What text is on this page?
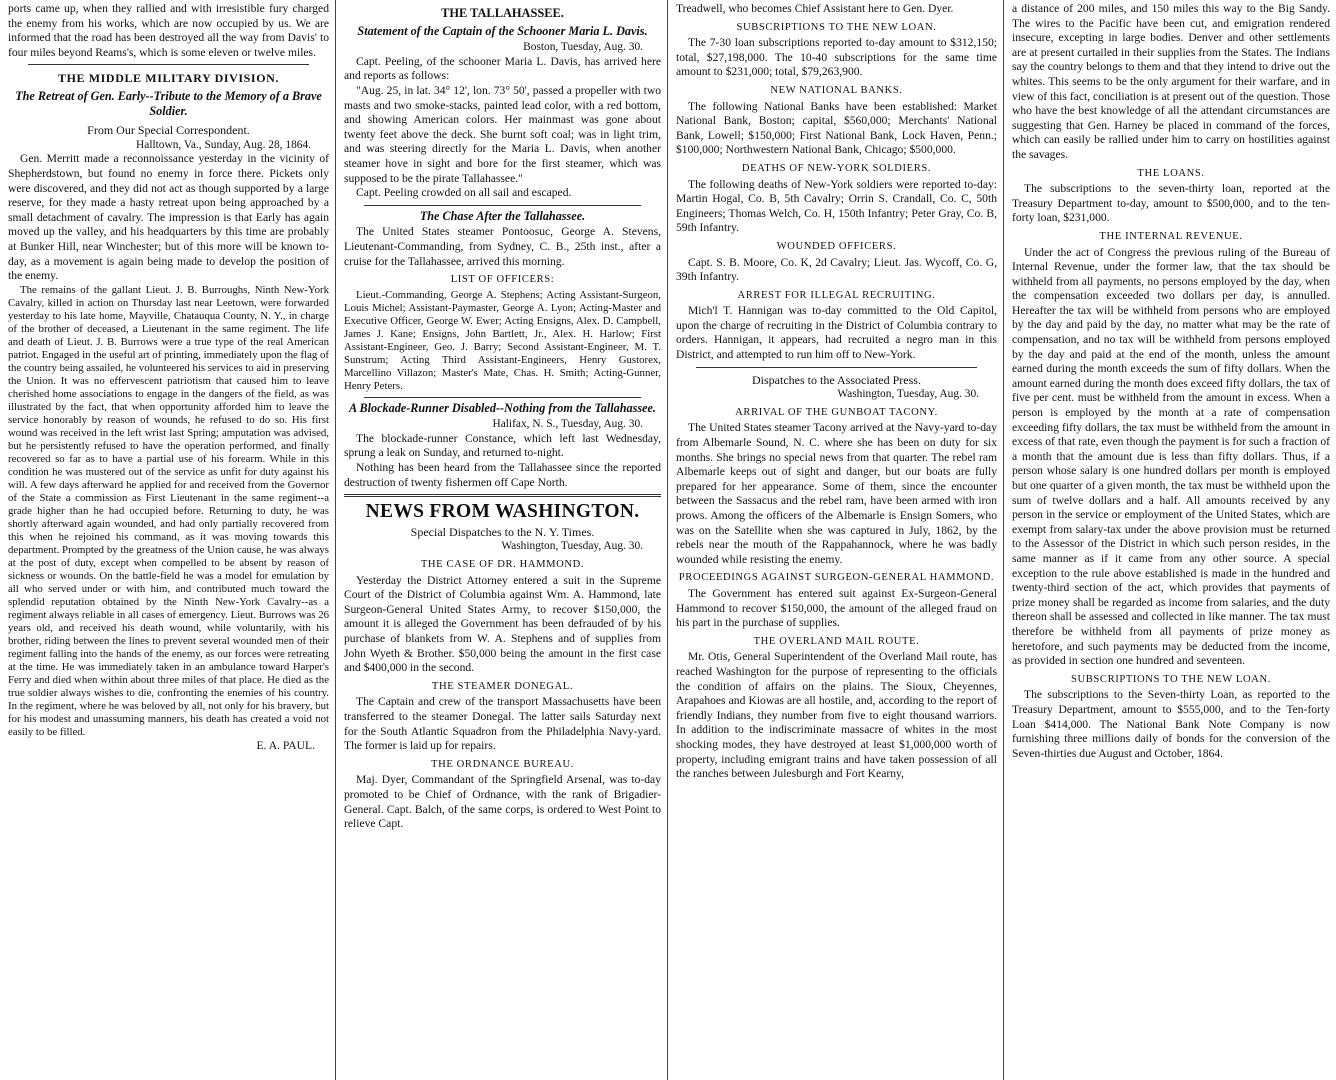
ports came up, when they rallied and with irresistible fury charged the enemy from his works, which are now occupied by us. We are informed that the road has been destroyed all the way from Davis' to four miles beyond Reams's, which is some eleven or twelve miles.

THE MIDDLE MILITARY DIVISION.
The Retreat of Gen. Early--Tribute to the Memory of a Brave Soldier.
From Our Special Correspondent.
Halltown, Va., Sunday, Aug. 28, 1864.

Gen. Merritt made a reconnoissance yesterday in the vicinity of Shepherdstown, but found no enemy in force there. Pickets only were discovered, and they did not act as though supported by a large reserve, for they made a hasty retreat upon being approached by a small detachment of cavalry. The impression is that Early has again moved up the valley, and his headquarters by this time are probably at Bunker Hill, near Winchester; but of this more will be known to-day, as a movement is again being made to develop the position of the enemy.

The remains of the gallant Lieut. J. B. Burroughs, Ninth New-York Cavalry, killed in action on Thursday last near Leetown, were forwarded yesterday to his late home, Mayville, Chatauqua County, N. Y., in charge of the brother of deceased, a Lieutenant in the same regiment. The life and death of Lieut. J. B. Burrows were a true type of the real American patriot. Engaged in the useful art of printing, immediately upon the flag of the country being assailed, he volunteered his services to aid in preserving the Union. It was no effervescent patriotism that caused him to leave cherished home associations to engage in the dangers of the field, as was illustrated by the fact, that when opportunity afforded him to leave the service honorably by reason of wounds, he refused to do so. His first wound was received in the left wrist last Spring; amputation was advised, but he persistently refused to have the operation performed, and finally recovered so far as to have a partial use of his forearm. While in this condition he was mustered out of the service as unfit for duty against his will. A few days afterward he applied for and received from the Governor of the State a commission as First Lieutenant in the same regiment--a grade higher than he had occupied before. Returning to duty, he was shortly afterward again wounded, and had only partially recovered from this when he rejoined his command, as it was moving towards this department. Prompted by the greatness of the Union cause, he was always at the post of duty, except when compelled to be absent by reason of sickness or wounds. On the battle-field he was a model for emulation by all who served under or with him, and contributed much toward the splendid reputation obtained by the Ninth New-York Cavalry--as a regiment always reliable in all cases of emergency. Lieut. Burrows was 26 years old, and received his death wound, while voluntarily, with his brother, riding between the lines to prevent several wounded men of their regiment falling into the hands of the enemy, as our forces were retreating at the time. He was immediately taken in an ambulance toward Harper's Ferry and died when within about three miles of that place. He died as the true soldier always wishes to die, confronting the enemies of his country. In the regiment, where he was beloved by all, not only for his bravery, but for his modest and unassuming manners, his death has created a void not easily to be filled.

E. A. PAUL.
THE TALLAHASSEE.
Statement of the Captain of the Schooner Maria L. Davis.
Boston, Tuesday, Aug. 30.

Capt. Peeling, of the schooner Maria L. Davis, has arrived here and reports as follows:

"Aug. 25, in lat. 34° 12', lon. 73° 50', passed a propeller with two masts and two smoke-stacks, painted lead color, with a red bottom, and showing American colors. Her mainmast was gone about twenty feet above the deck. She burnt soft coal; was in light trim, and was steering directly for the Maria L. Davis, when another steamer hove in sight and bore for the first steamer, which was supposed to be the pirate Tallahassee."

Capt. Peeling crowded on all sail and escaped.

The Chase After the Tallahassee.

The United States steamer Pontoosuc, George A. Stevens, Lieutenant-Commanding, from Sydney, C. B., 25th inst., after a cruise for the Tallahassee, arrived this morning.

LIST OF OFFICERS:

Lieut.-Commanding, George A. Stephens; Acting Assistant-Surgeon, Louis Michel; Assistant-Paymaster, George A. Lyon; Acting-Master and Executive Officer, George W. Ewer; Acting Ensigns, Alex. D. Campbell, James J. Kane; Ensigns, John Bartlett, Jr., Alex. H. Harlow; First Assistant-Engineer, Geo. J. Barry; Second Assistant-Engineer, M. T. Sunstrum; Acting Third Assistant-Engineers, Henry Gustorex, Marcellino Villazon; Master's Mate, Chas. H. Smith; Acting-Gunner, Henry Peters.

A Blockade-Runner Disabled--Nothing from the Tallahassee.
Halifax, N. S., Tuesday, Aug. 30.

The blockade-runner Constance, which left last Wednesday, sprung a leak on Sunday, and returned to-night.

Nothing has been heard from the Tallahassee since the reported destruction of twenty fishermen off Cape North.

NEWS FROM WASHINGTON.
Special Dispatches to the N. Y. Times.
Washington, Tuesday, Aug. 30.
THE CASE OF DR. HAMMOND.

Yesterday the District Attorney entered a suit in the Supreme Court of the District of Columbia against Wm. A. Hammond, late Surgeon-General United States Army, to recover $150,000, the amount it is alleged the Government has been defrauded of by his purchase of blankets from W. A. Stephens and of supplies from John Wyeth & Brother. $50,000 being the amount in the first case and $400,000 in the second.

THE STEAMER DONEGAL.

The Captain and crew of the transport Massachusetts have been transferred to the steamer Donegal. The latter sails Saturday next for the South Atlantic Squadron from the Philadelphia Navy-yard. The former is laid up for repairs.

THE ORDNANCE BUREAU.

Maj. Dyer, Commandant of the Springfield Arsenal, was to-day promoted to be Chief of Ordnance, with the rank of Brigadier-General. Capt. Balch, of the same corps, is ordered to West Point to relieve Capt.

Treadwell, who becomes Chief Assistant here to Gen. Dyer.

SUBSCRIPTIONS TO THE NEW LOAN.

The 7-30 loan subscriptions reported to-day amount to $312,150; total, $27,198,000. The 10-40 subscriptions for the same time amount to $231,000; total, $79,263,900.

NEW NATIONAL BANKS.

The following National Banks have been established: Market National Bank, Boston; capital, $560,000; Merchants' National Bank, Lowell; $150,000; First National Bank, Lock Haven, Penn.; $100,000; Northwestern National Bank, Chicago; $500,000.

DEATHS OF NEW-YORK SOLDIERS.

The following deaths of New-York soldiers were reported to-day: Martin Hogal, Co. B, 5th Cavalry; Orrin S. Crandall, Co. C, 50th Engineers; Thomas Welch, Co. H, 150th Infantry; Peter Gray, Co. B, 59th Infantry.

WOUNDED OFFICERS.

Capt. S. B. Moore, Co. K, 2d Cavalry; Lieut. Jas. Wycoff, Co. G, 39th Infantry.

ARREST FOR ILLEGAL RECRUITING.

Mich'l T. Hannigan was to-day committed to the Old Capitol, upon the charge of recruiting in the District of Columbia contrary to orders. Hannigan, it appears, had recruited a negro man in this District, and attempted to run him off to New-York.

Dispatches to the Associated Press.
Washington, Tuesday, Aug. 30.
ARRIVAL OF THE GUNBOAT TACONY.

The United States steamer Tacony arrived at the Navy-yard to-day from Albemarle Sound, N. C. where she has been on duty for six months. She brings no special news from that quarter. The rebel ram Albemarle keeps out of sight and danger, but our boats are fully prepared for her appearance. Some of them, since the encounter between the Sassacus and the rebel ram, have been armed with iron prows. Among the officers of the Albemarle is Ensign Somers, who was on the Satellite when she was captured in July, 1862, by the rebels near the mouth of the Rappahannock, where he was badly wounded while resisting the enemy.

PROCEEDINGS AGAINST SURGEON-GENERAL HAMMOND.

The Government has entered suit against Ex-Surgeon-General Hammond to recover $150,000, the amount of the alleged fraud on his part in the purchase of supplies.

THE OVERLAND MAIL ROUTE.

Mr. Otis, General Superintendent of the Overland Mail route, has reached Washington for the purpose of representing to the officials the condition of affairs on the plains. The Sioux, Cheyennes, Arapahoes and Kiowas are all hostile, and, according to the report of friendly Indians, they number from five to eight thousand warriors. In addition to the indiscriminate massacre of whites in the most shocking modes, they have destroyed at least $1,000,000 worth of property, including emigrant trains and have taken possession of all the ranches between Julesburgh and Fort Kearny,

a distance of 200 miles, and 150 miles this way to the Big Sandy. The wires to the Pacific have been cut, and emigration rendered insecure, excepting in large bodies. Denver and other settlements are at present curtailed in their supplies from the States. The Indians say the country belongs to them and that they intend to drive out the whites. This seems to be the only argument for their warfare, and in view of this fact, conciliation is at present out of the question. Those who have the best knowledge of all the attendant circumstances are suggesting that Gen. Harney be placed in command of the forces, which can easily be rallied under him to carry on hostilities against the savages.

THE LOANS.

The subscriptions to the seven-thirty loan, reported at the Treasury Department to-day, amount to $500,000, and to the ten-forty loan, $231,000.

THE INTERNAL REVENUE.

Under the act of Congress the previous ruling of the Bureau of Internal Revenue, under the former law, that the tax should be withheld from all payments, no persons employed by the day, when the compensation exceeded two dollars per day, is annulled. Hereafter the tax will be withheld from persons who are employed by the day and paid by the day, no matter what may be the rate of compensation, and no tax will be withheld from persons employed by the day and paid at the end of the month, unless the amount earned during the month exceeds the sum of fifty dollars. When the amount earned during the month does exceed fifty dollars, the tax of five per cent. must be withheld from the amount in excess. When a person is employed by the month at a rate of compensation exceeding fifty dollars, the tax must be withheld from the amount in excess of that rate, even though the payment is for such a fraction of a month that the amount due is less than fifty dollars. Thus, if a person whose salary is one hundred dollars per month is employed but one quarter of a given month, the tax must be withheld upon the sum of twelve dollars and a half. All amounts received by any person in the service or employment of the United States, which are exempt from salary-tax under the above provision must be returned to the Assessor of the District in which such person resides, in the same manner as if it came from any other source. A special exception to the rule above established is made in the hundred and twenty-third section of the act, which provides that payments of prize money shall be regarded as income from salaries, and the duty thereon shall be assessed and collected in like manner. The tax must therefore be withheld from all payments of prize money as heretofore, and such payments may be deducted from the income, as provided in section one hundred and seventeen.

SUBSCRIPTIONS TO THE NEW LOAN.

The subscriptions to the Seven-thirty Loan, as reported to the Treasury Department, amount to $555,000, and to the Ten-forty Loan $414,000. The National Bank Note Company is now furnishing three millions daily of bonds for the conversion of the Seven-thirties due August and October, 1864.
